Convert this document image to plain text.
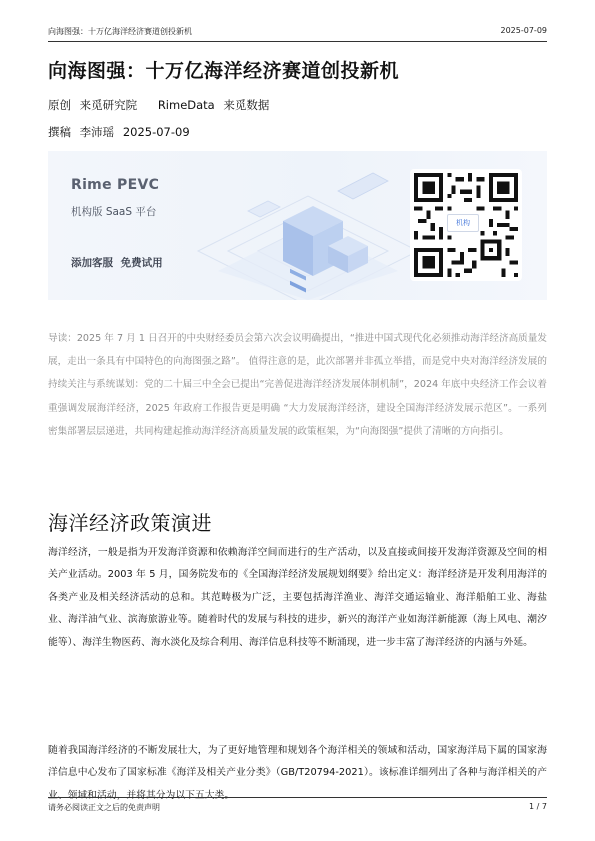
向海图强：十万亿海洋经济赛道创投新机	2025-07-09
向海图强：十万亿海洋经济赛道创投新机
原创 来觅研究院 RimeData 来觅数据
撰稿 李沛瑶 2025-07-09
Rime PEVC
机构版 SaaS 平台
添加客服 免费试用
机构
导读：2025 年 7 月 1 日召开的中央财经委员会第六次会议明确提出，“推进中国式现代化必须推动海洋经济高质量发展，走出一条具有中国特色的向海图强之路”。 值得注意的是，此次部署并非孤立举措，而是党中央对海洋经济发展的持续关注与系统谋划：党的二十届三中全会已提出“完善促进海洋经济发展体制机制”，2024 年底中央经济工作会议着重强调发展海洋经济，2025 年政府工作报告更是明确 “大力发展海洋经济，建设全国海洋经济发展示范区”。一系列密集部署层层递进，共同构建起推动海洋经济高质量发展的政策框架，为“向海图强”提供了清晰的方向指引。
海洋经济政策演进
海洋经济，一般是指为开发海洋资源和依赖海洋空间而进行的生产活动，以及直接或间接开发海洋资源及空间的相关产业活动。2003 年 5 月，国务院发布的《全国海洋经济发展规划纲要》给出定义：海洋经济是开发利用海洋的各类产业及相关经济活动的总和。其范畴极为广泛，主要包括海洋渔业、海洋交通运输业、海洋船舶工业、海盐业、海洋油气业、滨海旅游业等。随着时代的发展与科技的进步，新兴的海洋产业如海洋新能源（海上风电、潮汐能等）、海洋生物医药、海水淡化及综合利用、海洋信息科技等不断涌现，进一步丰富了海洋经济的内涵与外延。
随着我国海洋经济的不断发展壮大，为了更好地管理和规划各个海洋相关的领域和活动，国家海洋局下属的国家海洋信息中心发布了国家标准《海洋及相关产业分类》（GB/T20794-2021）。该标准详细列出了各种与海洋相关的产业、领域和活动，并将其分为以下五大类。
请务必阅读正文之后的免责声明	1 / 7
